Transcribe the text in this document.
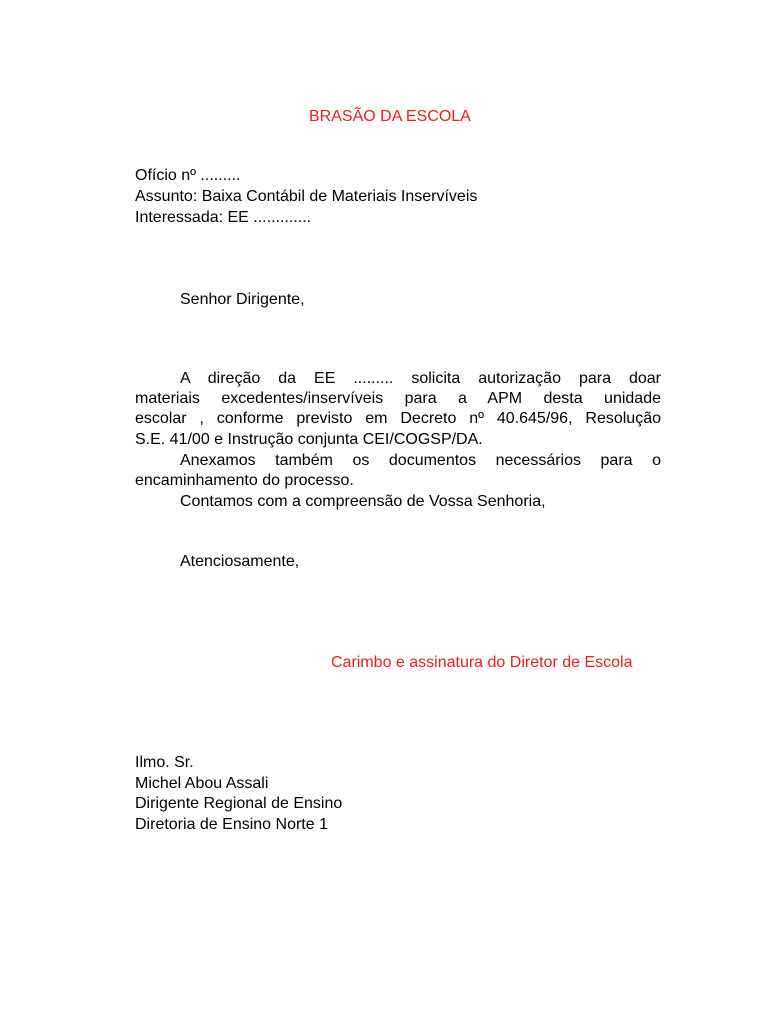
BRASÃO DA ESCOLA
Ofício nº .........
Assunto: Baixa Contábil de Materiais Inservíveis
Interessada: EE .............
Senhor Dirigente,
A direção da EE ......... solicita autorização para doar
materiais excedentes/inservíveis para a APM desta unidade
escolar , conforme previsto em Decreto nº 40.645/96, Resolução
S.E. 41/00 e Instrução conjunta CEI/COGSP/DA.
Anexamos também os documentos necessários para o
encaminhamento do processo.
Contamos com a compreensão de Vossa Senhoria,
Atenciosamente,
Carimbo e assinatura do Diretor de Escola
Ilmo. Sr.
Michel Abou Assali
Dirigente Regional de Ensino
Diretoria de Ensino Norte 1
